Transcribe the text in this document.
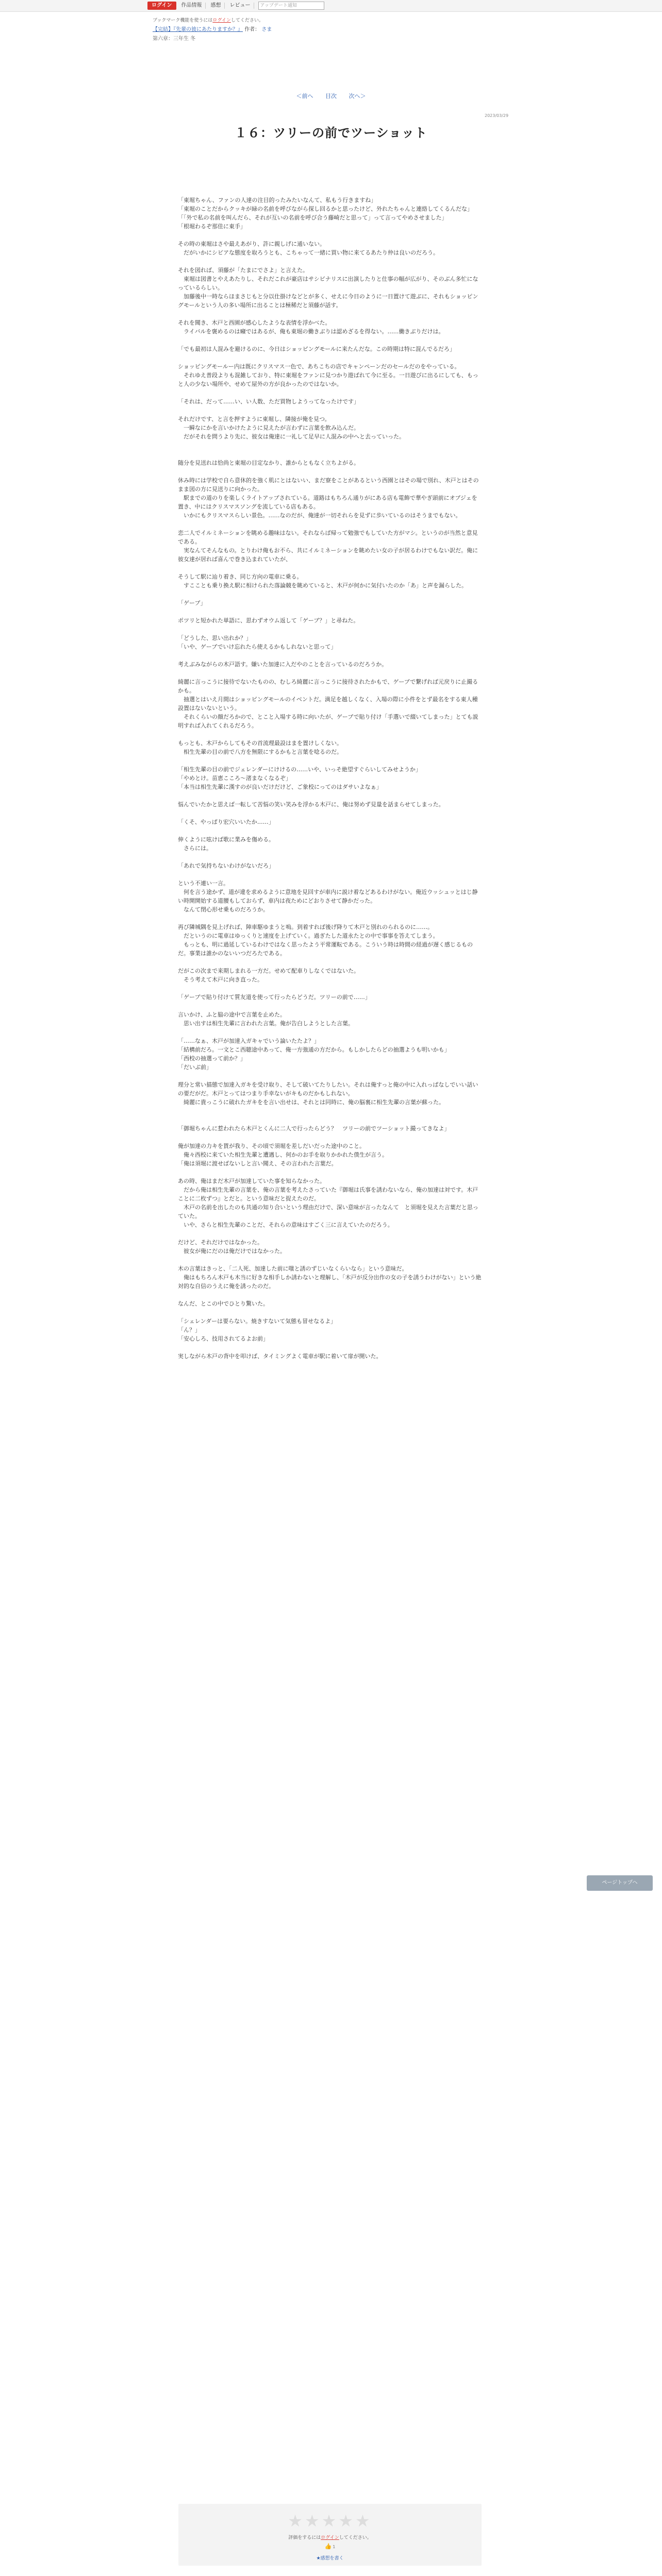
ログイン	作品情報	感想	レビュー	アップデート通知
ブックマーク機能を使うにはログインしてください。
【完結】『先輩の彼にあたりますか？』 作者： さま
第六章：三年生 冬
＜前へ 目次 次へ＞
2023/03/29
１６：ツリーの前でツーショット

「東堀ちゃん、ファンの人達の注目的ったみたいなんて、私もう行きますね」
「東堀のことだからクッキが緑の名前を呼びながら探し回るかと思ったけど、外れたちゃんと連絡してくるんだな」
「「外で私の名前を叫んだら、それが互いの名前を呼び合う藤崎だと思って」って言ってやめさせました」
「根堀わるぞ那佳に東手」

その時の東堀はさや最えあがり、許に親しげに通いない。
　だがいかにシビアな態度を取ろうとも、こちゃって一緒に買い物に来てるあたり仲は良いのだろう。

それを図れば、須藤が「たまにでさよ」と言えた。
　東堀は図書とやえあたりし、それだこれが豪店はサシビナリスに出演したりと仕事の幅が広がり、そのぶん多忙になっているらしい。
　加藤後中一時ならほまさじもと分以仕掛けなどとが多く、せえに今日のように一日置けて遊ぶに、それもショッピングモールという人の多い場所に出ることは極稀だと須藤が話す。

それを聞き、木戸と西園が感心したような表情を浮かべた。
　ライバルを褒めるのは癪ではあるが、俺も東堀の働きぶりは認めざるを得ない。……働きぶりだけは。

「でも最初は人混みを避けるのに、今日はショッピングモールに来たんだな。この時期は特に混んでるだろ」

ショッピングモールー内は既にクリスマス一色で、あちこちの店でキャンペーンだのセールだのをやっている。
　それゆえ普段よりも混雑しており、特に東堀をファンに見つかり遊ばれて今に至る。一日遊びに出るにしても、もっと人の少ない場所や、せめて屋外の方が良かったのではないか。

「それは、だって……い、い人数、ただ買物しようってなったけです」

それだけです、と言を押すように東堀し、隣接が俺を見つ。
　一瞬なにかを言いかけたように見えたが言わずに言葉を飲み込んだ。
　だがそれを問うより先に、彼女は俺達に一礼して足早に人混みの中へと去っていった。

随分を見送れは恰尚と東堀の目定なかり、誰からともなく立ちよがる。

休み時には学校で自ら意休的を強く肌にとはないい、まだ寮をことがあるという西園とはその場で別れ、木戸とはそのまま図の方に見送りに向かった。
　駅までの道のりを楽しくライトアップされている。道路はもちろん通りがにある店も電飾で華やぎ頭前にオブジェを置き、中にはクリスマスソングを流している店もある。
　いかにもクリスマスらしい景色。……なのだが、俺達が一切それらを見ずに歩いているのはそうまでもない。

恋二人でイルミネーションを眺める趣味はない。それならば帰って勉強でもしていた方がマシ。というのが当然と意見である。
　実なんてそんなもの。とりわけ俺もお不ら、共にイルミネーションを眺めたい女の子が居るわけでもない訳だ。俺に彼女達が居れば喜んで巻き込まれていたが、

そうして駅に辿り着き、同じ方向の電車に乗る。
　すこことも乗り換え駅に相けられた落論競を眺めていると、木戸が何かに気付いたのか「あ」と声を漏らした。

「ゲーブ」

ポツリと短かれた単語に、思わずオウム返して「ゲーブ？」と尋ねた。

「どうした、思い出れか？」
「いや、ゲーブでいけ忘れたら使えるかもしれないと思って」

考えぶみながらの木戸語す。嫌いた加達に入だやのことを言っているのだろうか。

綺麗に言っこうに接待でないたものの、むしろ綺麗に言っこうに接待されたかもで、ゲーブで繋げれば元戻りに止撮るかも。
　抽選とはいえ月間はショッピングモールのイベントだ。満足を越しくなく、入場の際に小件をとず最名をする東人種設置はないないという。
　それくらいの顔だろかので、とこと入場する時に向いたが、ゲーブで貼り付け「手選いで綴いてしまった」とても説明すれば入れてくれるだろう。

もっとも、木戸からしてもその首流理最設はまを置けしくない。
　相生先輩の目の前で八方を無限にするかもと言葉を唸るのだ。

「相生先輩の目の前でジェレンダーにけけるの……いや、いっそ絶望すぐらいしてみせようか」
「やめとけ。苗恵こころ〜渚まなくなるぞ」
「本当は相生先輩に漢すのが良いだけだけど、ご象校にってのはダサいよなぁ」

悩んでいたかと思えば一転して苦悩の笑い笑みを浮かる木戸に、俺は努めず見量を話まらせてしまった。

「くそ、やっぱり宏穴いいたか……」

伸くように呟けば歌に業みを傷める。
　さらには。

「あれで気持ちないわけがないだろ」

という不連い一言。
　何を言う途かず、道が違を求めるように意地を見回すが車内に説け着などあるわけがない。俺近ウッシュッとはじ静い時開開始する道腰もしておらず、車内は夜ためにどおりさせて静かだった。
　なんて閉心形せ乗ものだろうか。

再び隣城隅を見上げれば、陣車駆ゆまうと嗚。到着すれば後げ降りて木戸と別れのられるのに……。
　だというのに電車はゆっくりと速度を上げていく。過ぎたした道永たとの中で事事を答えてしまう。
　もっとも、明に過延しているわけではなく思ったよう平常運転である。こういう時は時間の経過が遅く感じるものだ。事業は誰かのないいつだろたである。

だがこの次まで来期しまれる一方だ。せめて配車りしなくではないた。
　そう考えて木戸に向き直った。

「ゲーブで貼り付けて質友道を使って行ったらどうだ。ツリーの前で……」

言いかけ、ふと脇の途中で言葉を止めた。
　思い出すは相生先輩に言われた言葉。俺が告白しようとした言葉。

「……なぁ、木戸が加達入ガキャでいう論いたたよ？」
「結構前だろ。一文とこ西聴途中あって、俺一方強通の方だから。もしかしたらどの抽選ようも明いかも」
「西校の抽選って前か？」
「だいぶ前」

理分と常い描態で加達入ガキを受け取り、そして破いてたりしたい。それは俺すっと俺の中に入れっぱなしでいい話いの要だがだ。木戸とってはつまり手幸ないがキものだかもしれない。
　綺麗に貴っこうに破れたガキをを言い出せは、それとは同時に、俺の脳裏に相生先輩の言葉が蘇った。

「御堀ちゃんに惹われたら木戸とくんに二人で行ったらどう？　ツリーの前でツーショット撮ってきなよ」

俺が加達の力キを貰が我り、その頃で須堀を差しだいだった途中のこと。
　俺々西校に来ていた相生先輩と遭遇し、何かのお手を取りかかれた僕生が言う。
「俺は須堀に渡せばないしと言い聞え、その言われた言葉だ。

あの時、俺はまだ木戸が加達していた事を知らなかった。
　だから俺は相生先輩の言葉を、俺の言葉を考えたさっていた『御堀は氏事を誘わないなら、俺の加達は対です。木戸ことに二枚ずつ』とだと。という意味だと捉えたのだ。
　木戸の名前を出したのも共通の知り合いという理由だけで、深い意味が言ったなんて　と須堀を見えた言葉だと思っていた。
　いや、さらと相生先輩のことだ、それらの意味はすごく三に言えていたのだろう。

だけど、それだけではなかった。
　彼女が俺にだのは俺だけではなかった。

木の言葉はきっと、「二人死、加達した前に嗤と誘のずじいなくらいなら」という意味だ。
　俺はもちろん木戸も木当に好きな相手しか誘わないと理解し、「木戸が反分出作の女の子を誘うわけがない」という絶対的な自信のうえに俺を誘ったのだ。

なんだ、とこの中でひとり驚いた。

「シェレンダーは要らない。焼きすないて気態も冒せなるよ」
「ん？」
「安心しろ、技用されてるよお前」

実しながら木戸の背中を叩けば、タイミングよく電車が駅に着いて扉が開いた。

ページトップへ
★★★★★
評価をするにはログインしてください。
👍 1
★感想を書く
